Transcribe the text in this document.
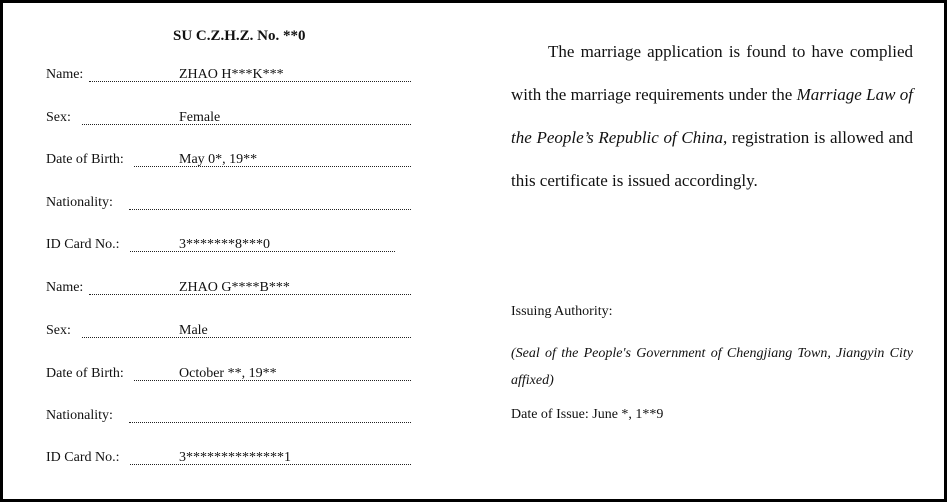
SU C.Z.H.Z. No. **0
Name:	ZHAO H***K***
Sex:	Female
Date of Birth:	May 0*, 19**
Nationality:
ID Card No.:	3*******8***0
Name:	ZHAO G****B***
Sex:	Male
Date of Birth:	October **, 19**
Nationality:
ID Card No.:	3**************1

The marriage application is found to have complied with the marriage requirements under the Marriage Law of the People’s Republic of China, registration is allowed and this certificate is issued accordingly.

Issuing Authority:
(Seal of the People's Government of Chengjiang Town, Jiangyin City affixed)
Date of Issue: June *, 1**9
